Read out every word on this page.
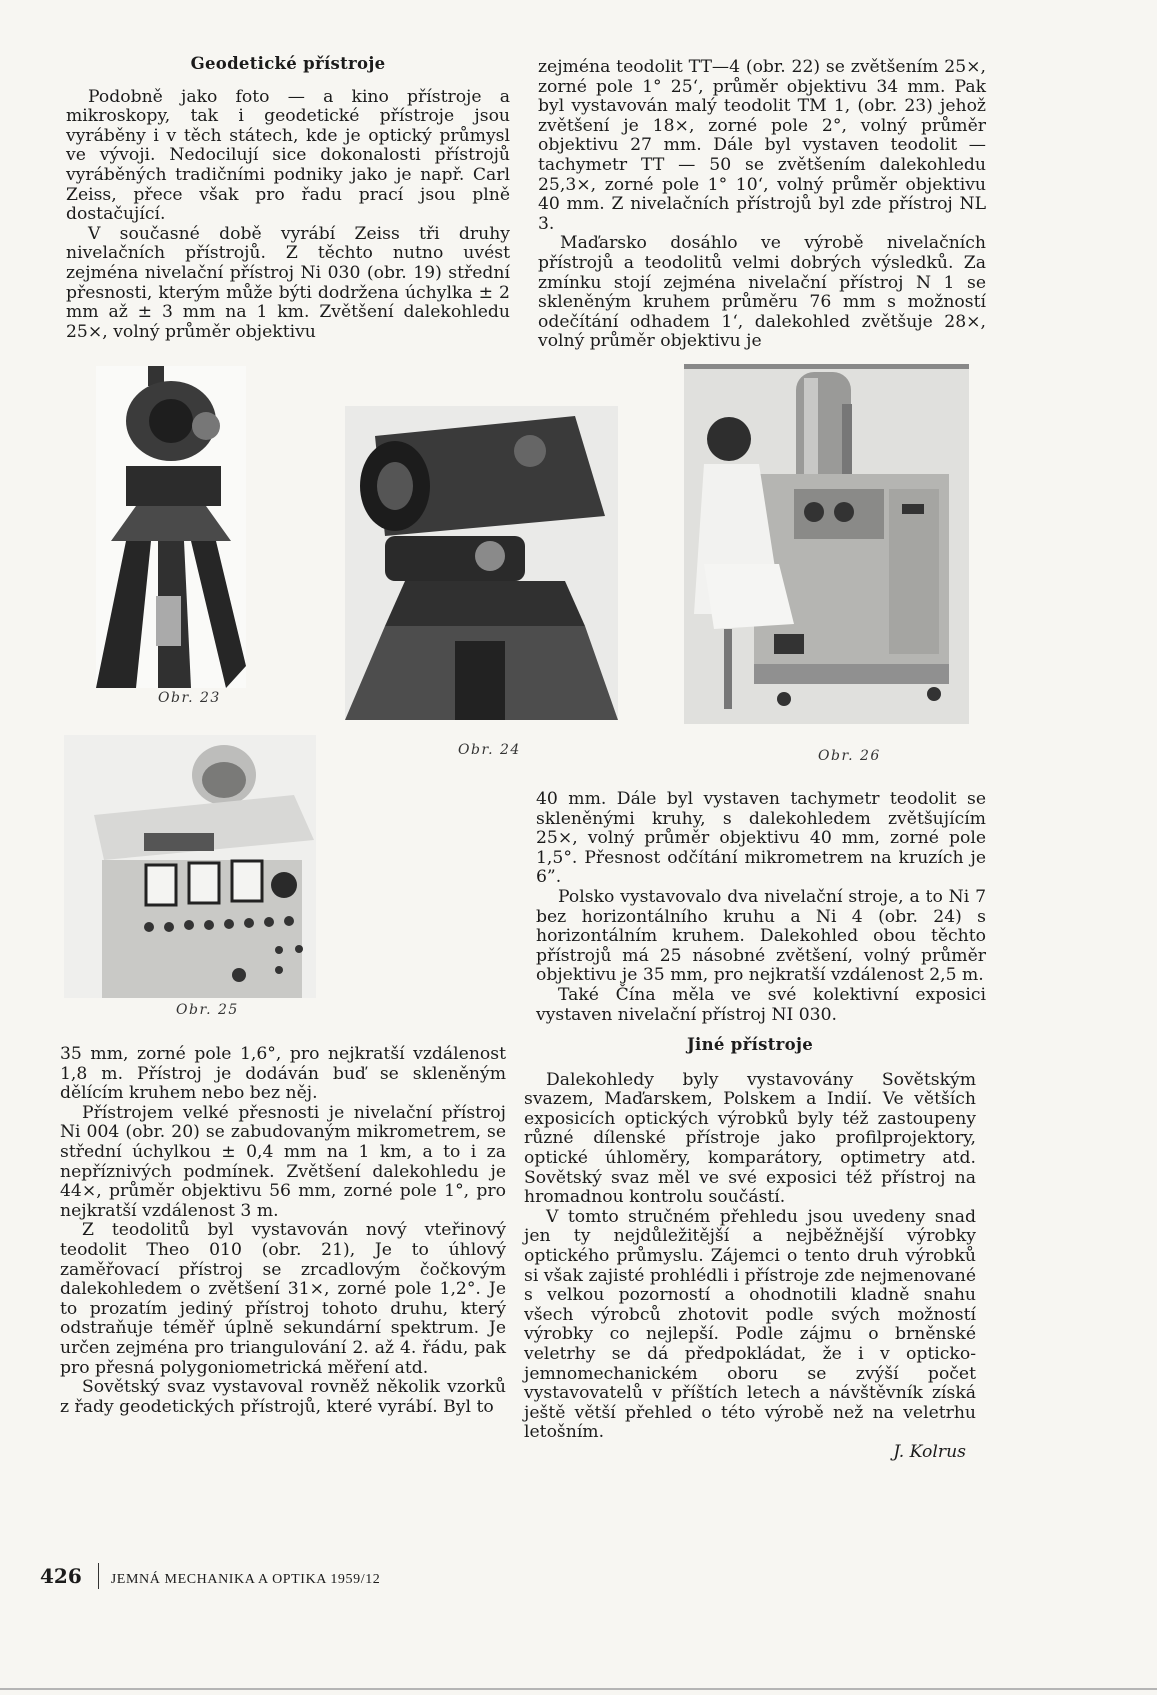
Geodetické přístroje

Podobně jako foto — a kino přístroje a mikroskopy, tak i geodetické přístroje jsou vyráběny i v těch státech, kde je optický průmysl ve vývoji. Nedocilují sice dokonalosti přístrojů vyráběných tradičními podniky jako je např. Carl Zeiss, přece však pro řadu prací jsou plně dostačující.

V současné době vyrábí Zeiss tři druhy nivelačních přístrojů. Z těchto nutno uvést zejména nivelační přístroj Ni 030 (obr. 19) střední přesnosti, kterým může býti dodržena úchylka ± 2 mm až ± 3 mm na 1 km. Zvětšení dalekohledu 25×, volný průměr objektivu

zejména teodolit TT—4 (obr. 22) se zvětšením 25×, zorné pole 1° 25‘, průměr objektivu 34 mm. Pak byl vystavován malý teodolit TM 1, (obr. 23) jehož zvětšení je 18×, zorné pole 2°, volný průměr objektivu 27 mm. Dále byl vystaven teodolit — tachymetr TT — 50 se zvětšením dalekohledu 25,3×, zorné pole 1° 10‘, volný průměr objektivu 40 mm. Z nivelačních přístrojů byl zde přístroj NL 3.

Maďarsko dosáhlo ve výrobě nivelačních přístrojů a teodolitů velmi dobrých výsledků. Za zmínku stojí zejména nivelační přístroj N 1 se skleněným kruhem průměru 76 mm s možností odečítání odhadem 1‘, dalekohled zvětšuje 28×, volný průměr objektivu je

Obr. 23
Obr. 24	Obr. 26
Obr. 25

40 mm. Dále byl vystaven tachymetr teodolit se skleněnými kruhy, s dalekohledem zvětšujícím 25×, volný průměr objektivu 40 mm, zorné pole 1,5°. Přesnost odčítání mikrometrem na kruzích je 6”.

Polsko vystavovalo dva nivelační stroje, a to Ni 7 bez horizontálního kruhu a Ni 4 (obr. 24) s horizontálním kruhem. Dalekohled obou těchto přístrojů má 25 násobné zvětšení, volný průměr objektivu je 35 mm, pro nejkratší vzdálenost 2,5 m.

Také Čína měla ve své kolektivní exposici vystaven nivelační přístroj NI 030.

35 mm, zorné pole 1,6°, pro nejkratší vzdálenost 1,8 m. Přístroj je dodáván buď se skleněným dělícím kruhem nebo bez něj.

Přístrojem velké přesnosti je nivelační přístroj Ni 004 (obr. 20) se zabudovaným mikrometrem, se střední úchylkou ± 0,4 mm na 1 km, a to i za nepříznivých podmínek. Zvětšení dalekohledu je 44×, průměr objektivu 56 mm, zorné pole 1°, pro nejkratší vzdálenost 3 m.

Z teodolitů byl vystavován nový vteřinový teodolit Theo 010 (obr. 21), Je to úhlový zaměřovací přístroj se zrcadlovým čočkovým dalekohledem o zvětšení 31×, zorné pole 1,2°. Je to prozatím jediný přístroj tohoto druhu, který odstraňuje téměř úplně sekundární spektrum. Je určen zejména pro triangulování 2. až 4. řádu, pak pro přesná polygoniometrická měření atd.

Sovětský svaz vystavoval rovněž několik vzorků z řady geodetických přístrojů, které vyrábí. Byl to

Jiné přístroje

Dalekohledy byly vystavovány Sovětským svazem, Maďarskem, Polskem a Indií. Ve větších exposicích optických výrobků byly též zastoupeny různé dílenské přístroje jako profilprojektory, optické úhloměry, komparátory, optimetry atd. Sovětský svaz měl ve své exposici též přístroj na hromadnou kontrolu součástí.

V tomto stručném přehledu jsou uvedeny snad jen ty nejdůležitější a nejběžnější výrobky optického průmyslu. Zájemci o tento druh výrobků si však zajisté prohlédli i přístroje zde nejmenované s velkou pozorností a ohodnotili kladně snahu všech výrobců zhotovit podle svých možností výrobky co nejlepší. Podle zájmu o brněnské veletrhy se dá předpokládat, že i v opticko-jemnomechanickém oboru se zvýší počet vystavovatelů v příštích letech a návštěvník získá ještě větší přehled o této výrobě než na veletrhu letošním.

J. Kolrus
426 JEMNÁ MECHANIKA A OPTIKA 1959/12
